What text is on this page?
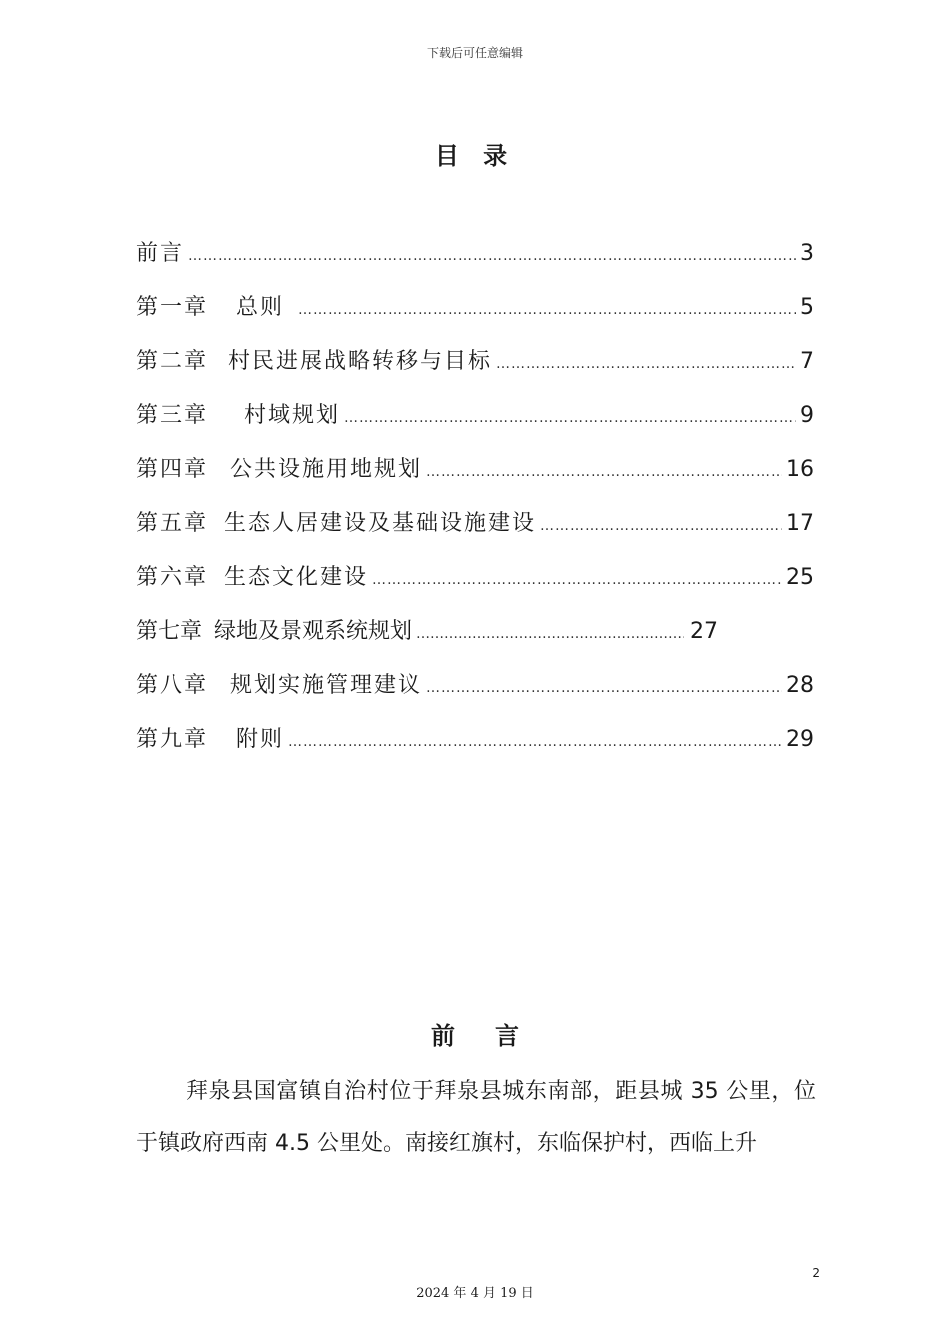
下载后可任意编辑
目 录
前言 …………………………………………………………………………………………………………………………………………………………………………	3
第一章 总则 …………………………………………………………………………………………………………………………………………………………………………	5
第二章 村民进展战略转移与目标 …………………………………………………………………………………………………………………………………………………………………………	7
第三章 村域规划 …………………………………………………………………………………………………………………………………………………………………………	9
第四章 公共设施用地规划 …………………………………………………………………………………………………………………………………………………………………………	16
第五章 生态人居建设及基础设施建设 …………………………………………………………………………………………………………………………………………………………………………	17
第六章 生态文化建设 …………………………………………………………………………………………………………………………………………………………………………	25
第七章 绿地及景观系统规划 …………………………………………………………………………………………………………………………………………………………………………	27
第八章 规划实施管理建议 …………………………………………………………………………………………………………………………………………………………………………	28
第九章 附则 …………………………………………………………………………………………………………………………………………………………………………	29
前言

拜泉县国富镇自治村位于拜泉县城东南部，距县城 35 公里，位于镇政府西南 4.5 公里处。南接红旗村，东临保护村，西临上升

2
2024 年 4 月 19 日
